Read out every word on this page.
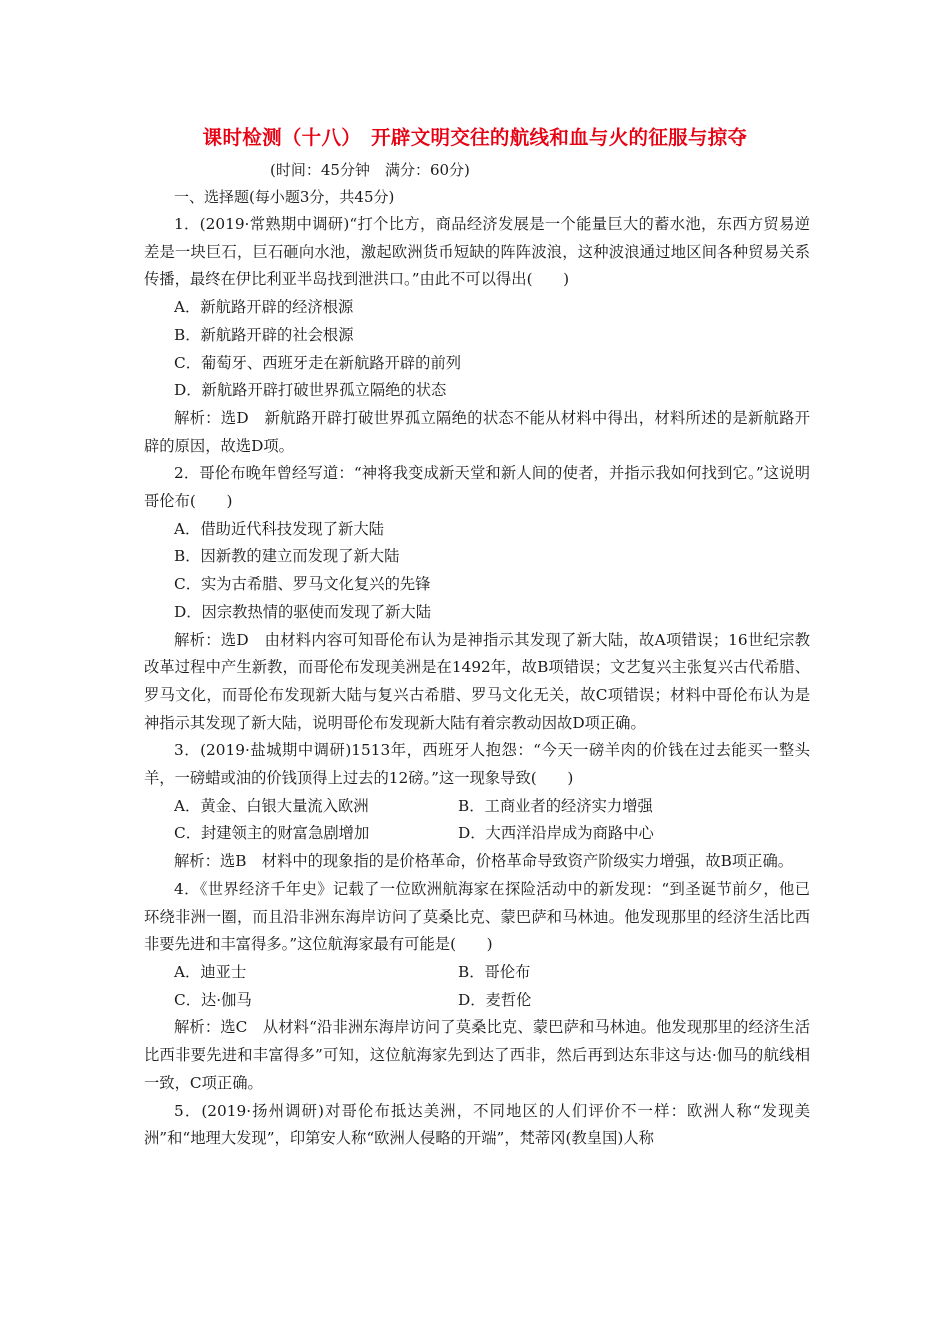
课时检测（十八）　开辟文明交往的航线和血与火的征服与掠夺
(时间：45分钟　满分：60分)
一、选择题(每小题3分，共45分)

1．(2019·常熟期中调研)“打个比方，商品经济发展是一个能量巨大的蓄水池，东西方贸易逆差是一块巨石，巨石砸向水池，激起欧洲货币短缺的阵阵波浪，这种波浪通过地区间各种贸易关系传播，最终在伊比利亚半岛找到泄洪口。”由此不可以得出(　　)

A．新航路开辟的经济根源

B．新航路开辟的社会根源

C．葡萄牙、西班牙走在新航路开辟的前列

D．新航路开辟打破世界孤立隔绝的状态

解析：选D　新航路开辟打破世界孤立隔绝的状态不能从材料中得出，材料所述的是新航路开辟的原因，故选D项。

2．哥伦布晚年曾经写道：“神将我变成新天堂和新人间的使者，并指示我如何找到它。”这说明哥伦布(　　)

A．借助近代科技发现了新大陆

B．因新教的建立而发现了新大陆

C．实为古希腊、罗马文化复兴的先锋

D．因宗教热情的驱使而发现了新大陆

解析：选D　由材料内容可知哥伦布认为是神指示其发现了新大陆，故A项错误；16世纪宗教改革过程中产生新教，而哥伦布发现美洲是在1492年，故B项错误；文艺复兴主张复兴古代希腊、罗马文化，而哥伦布发现新大陆与复兴古希腊、罗马文化无关，故C项错误；材料中哥伦布认为是神指示其发现了新大陆，说明哥伦布发现新大陆有着宗教动因故D项正确。

3．(2019·盐城期中调研)1513年，西班牙人抱怨：“今天一磅羊肉的价钱在过去能买一整头羊，一磅蜡或油的价钱顶得上过去的12磅。”这一现象导致(　　)

A．黄金、白银大量流入欧洲	B．工商业者的经济实力增强
C．封建领主的财富急剧增加	D．大西洋沿岸成为商路中心

解析：选B　材料中的现象指的是价格革命，价格革命导致资产阶级实力增强，故B项正确。

4．《世界经济千年史》记载了一位欧洲航海家在探险活动中的新发现：“到圣诞节前夕，他已环绕非洲一圈，而且沿非洲东海岸访问了莫桑比克、蒙巴萨和马林迪。他发现那里的经济生活比西非要先进和丰富得多。”这位航海家最有可能是(　　)

A．迪亚士	B．哥伦布
C．达·伽马	D．麦哲伦

解析：选C　从材料“沿非洲东海岸访问了莫桑比克、蒙巴萨和马林迪。他发现那里的经济生活比西非要先进和丰富得多”可知，这位航海家先到达了西非，然后再到达东非这与达·伽马的航线相一致，C项正确。

5．(2019·扬州调研)对哥伦布抵达美洲，不同地区的人们评价不一样：欧洲人称“发现美洲”和“地理大发现”，印第安人称“欧洲人侵略的开端”，梵蒂冈(教皇国)人称
